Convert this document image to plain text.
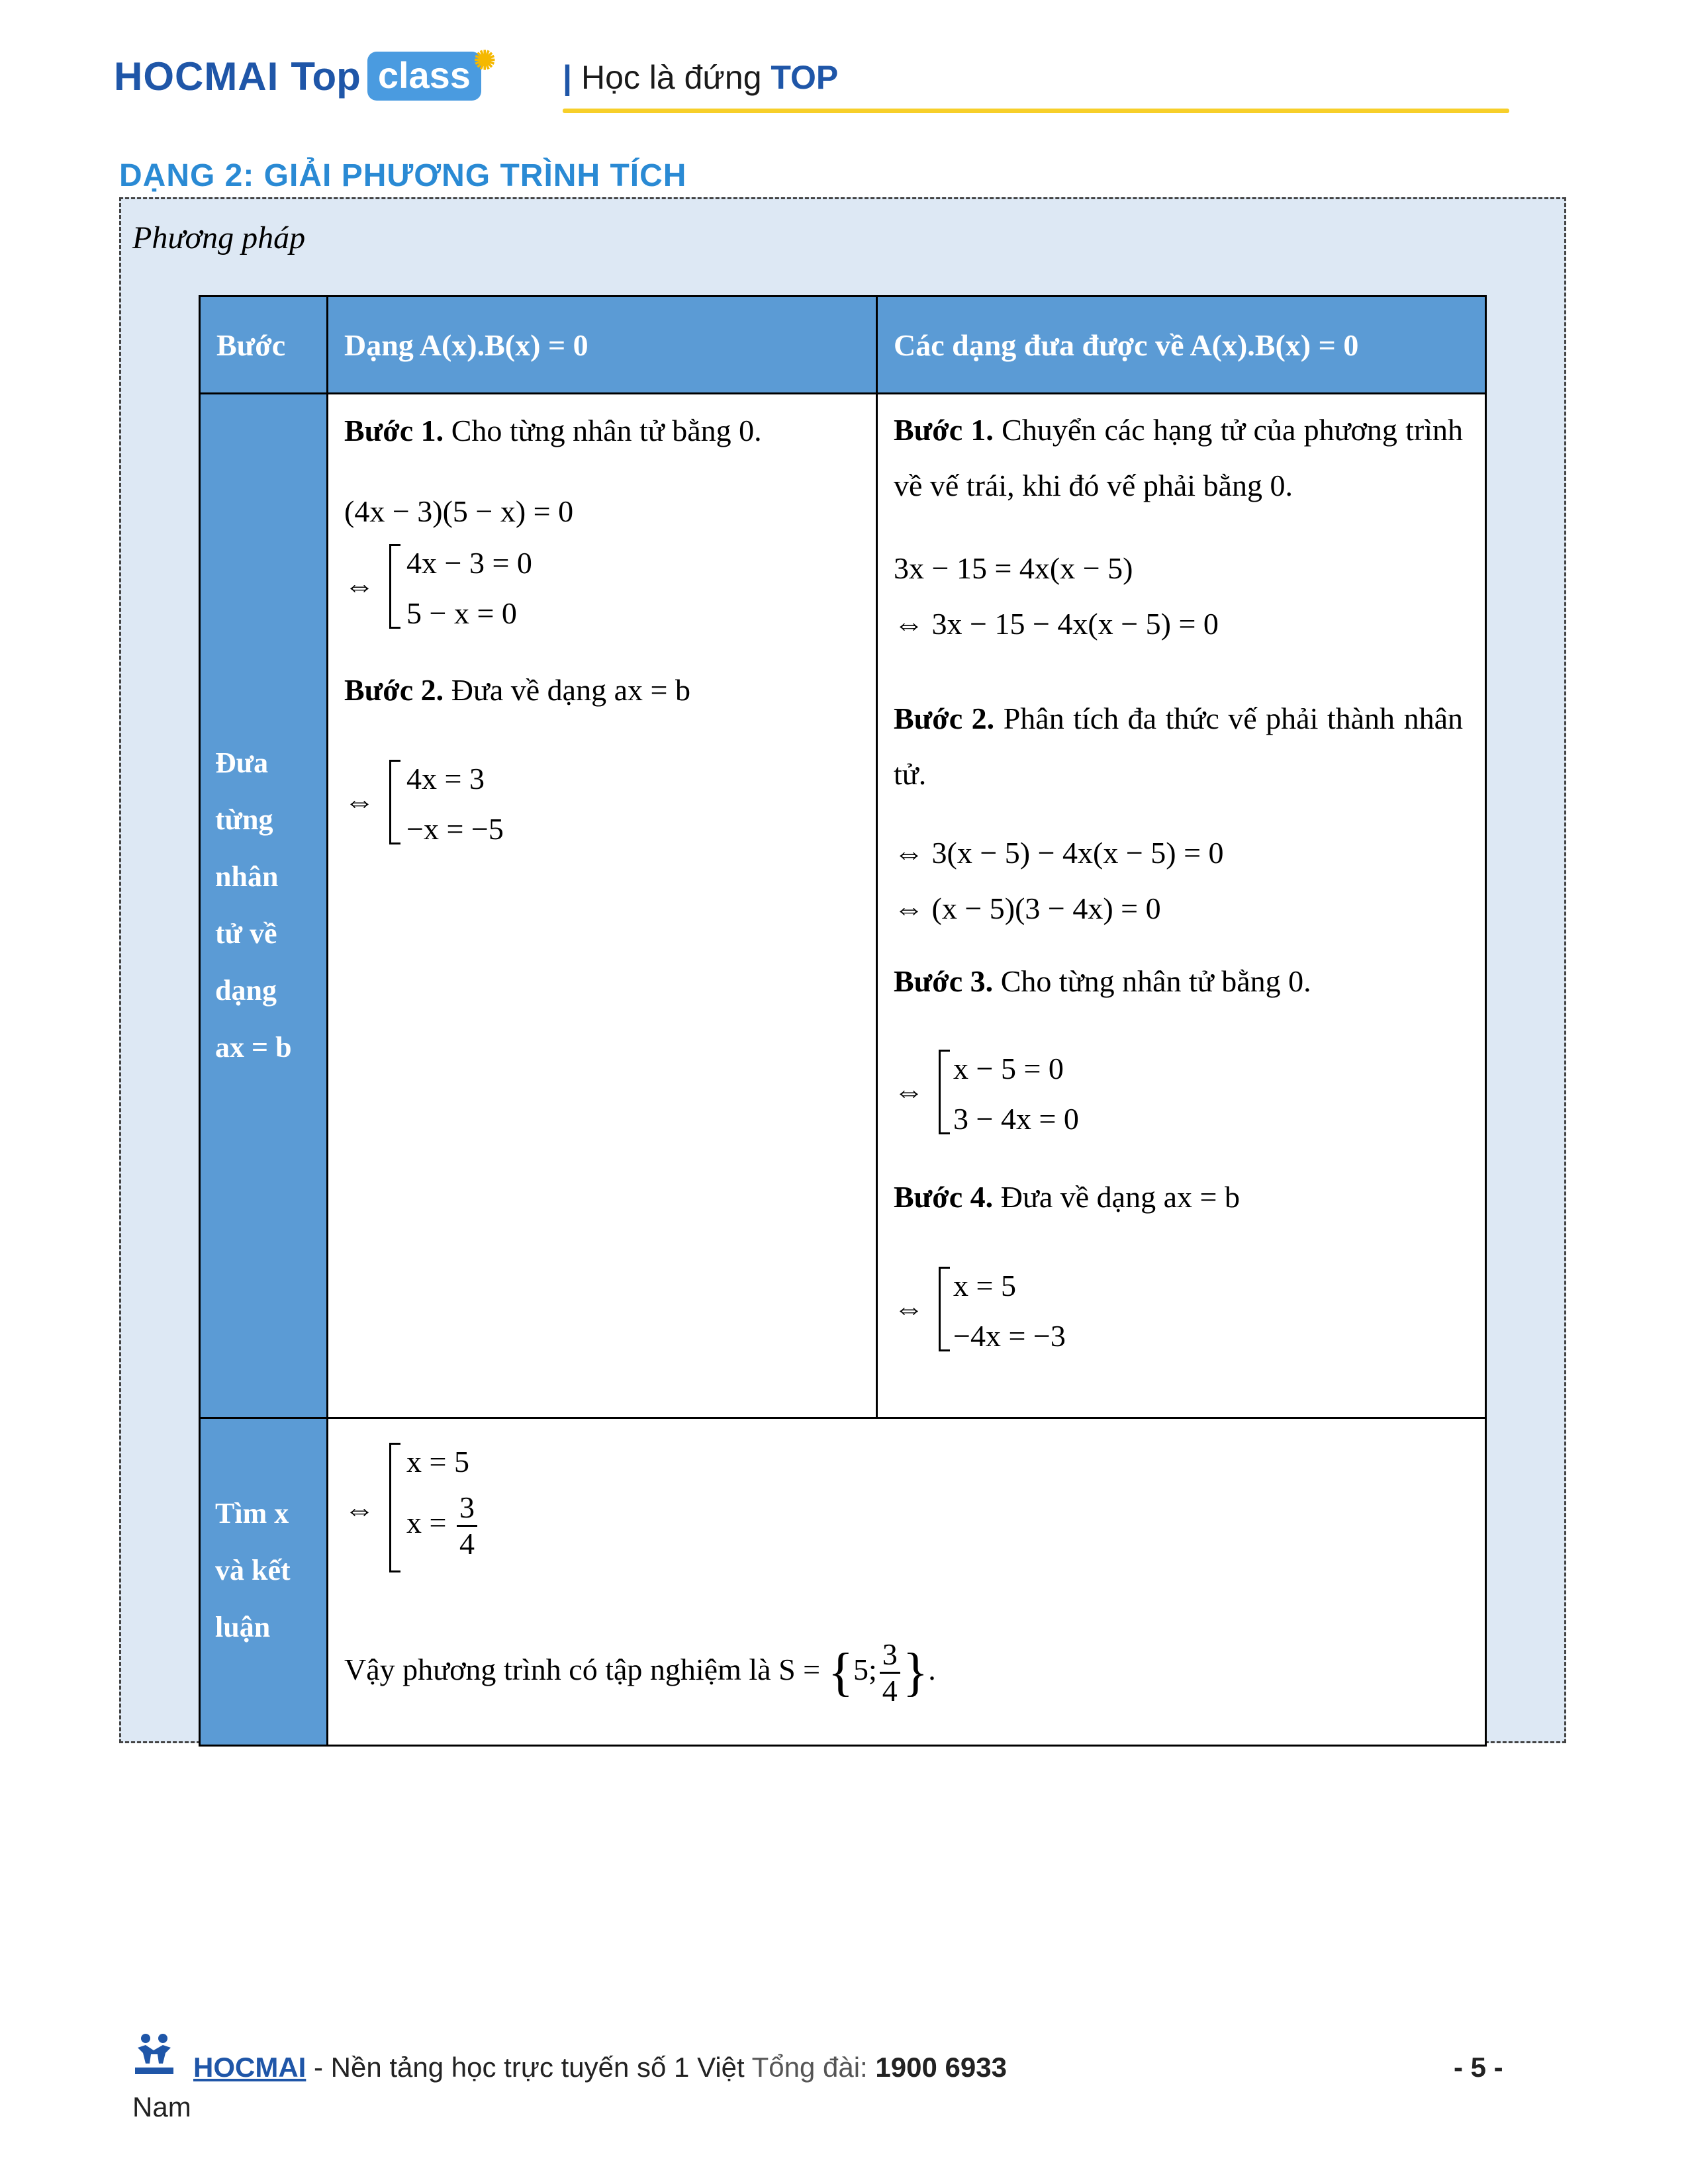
HOCMAI Top class ✺ | Học là đứng TOP
DẠNG 2: GIẢI PHƯƠNG TRÌNH TÍCH
Phương pháp
Bước Dạng A(x).B(x) = 0	Các dạng đưa được về A(x).B(x) = 0
Đưa
từng
nhân
tử về
dạng
ax = b
Bước 1. Cho từng nhân tử bằng 0.
(4x − 3)(5 − x) = 0
⇔
4x − 3 = 0
5 − x = 0
Bước 2. Đưa về dạng ax = b
⇔
4x = 3
−x = −5
Bước 1. Chuyển các hạng tử của phương trình về vế trái, khi đó vế phải bằng 0.
3x − 15 = 4x(x − 5)
⇔ 3x − 15 − 4x(x − 5) = 0
Bước 2. Phân tích đa thức vế phải thành nhân tử.
⇔ 3(x − 5) − 4x(x − 5) = 0
⇔ (x − 5)(3 − 4x) = 0
Bước 3. Cho từng nhân tử bằng 0.
⇔
x − 5 = 0
3 − 4x = 0
Bước 4. Đưa về dạng ax = b
⇔
x = 5
−4x = −3
Tìm x
và kết
luận
⇔
x = 5
$x = \frac{3}{4}$
Vậy phương trình có tập nghiệm là S = {5; $\frac{3}{4}$ }.
HOCMAI - Nền tảng học trực tuyến số 1 Việt Tổng đài: 1900 6933	- 5 -
Nam
